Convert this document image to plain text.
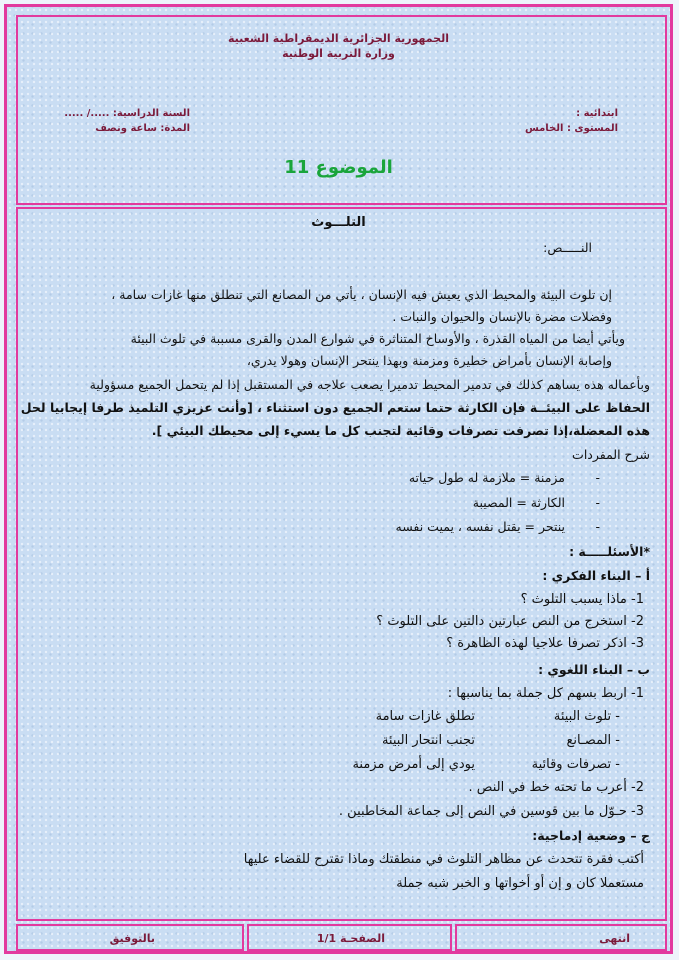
الجمهورية الجزائرية الديمقراطية الشعبية
وزارة التربية الوطنية
ابتدائية :
المستوى : الخامس
السنة الدراسية: ...../ .....
المدة: ساعة ونصف
الموضوع 11
التلـــوث
النـــــص:
إن تلوث البيئة والمحيط الذي يعيش فيه الإنسان ، يأتي من المصانع التي تنطلق منها غازات سامة ،
وفضلات مضرة بالإنسان والحيوان والنبات .
ويأتي أيضا من المياه القذرة ، والأوساخ المتناثرة في شوارع المدن والقرى مسببة في تلوث البيئة
وإصابة الإنسان بأمراض خطيرة ومزمنة وبهذا ينتحر الإنسان وهولا يدري،
وبأعماله هذه يساهم كذلك في تدمير المحيط تدميرا يصعب علاجه في المستقبل إذا لم يتحمل الجميع مسؤولية
الحفاظ على البيئــة فإن الكارثة حتما ستعم الجميع دون استثناء ، [وأنت عزيزي التلميذ طرفا إيجابيا لحل
هذه المعضلة،إذا تصرفت تصرفات وقائية لتجنب كل ما يسيء إلى محيطك البيئي ].
شرح المفردات
-
مزمنة = ملازمة له طول حياته
-
الكارثة = المصيبة
-
ينتحر = يقتل نفسه ، يميت نفسه
*الأسئلـــــة :
أ – البناء الفكري :
1- ماذا يسبب التلوث ؟
2- استخرج من النص عبارتين دالتين على التلوث ؟
3- اذكر تصرفا علاجيا لهذه الظاهرة ؟
ب – البناء اللغوي :
1- اربط بسهم كل جملة بما يناسبها :
- تلوث البيئة
- المصـانع
- تصرفات وقائية
تطلق غازات سامة
تجنب انتحار البيئة
يودي إلى أمرض مزمنة
2- أعرب ما تحته خط في النص .
3- حـوّل ما بين قوسين في النص إلى جماعة المخاطبين .
ج – وضعية إدماجية:
أكتب فقرة تتحدث عن مظاهر التلوث في منطقتك وماذا تقترح للقضاء عليها
مستعملا كان و إن أو أخواتها و الخبر شبه جملة
انتهى
الصفحـة 1/1
بالتوفيق
